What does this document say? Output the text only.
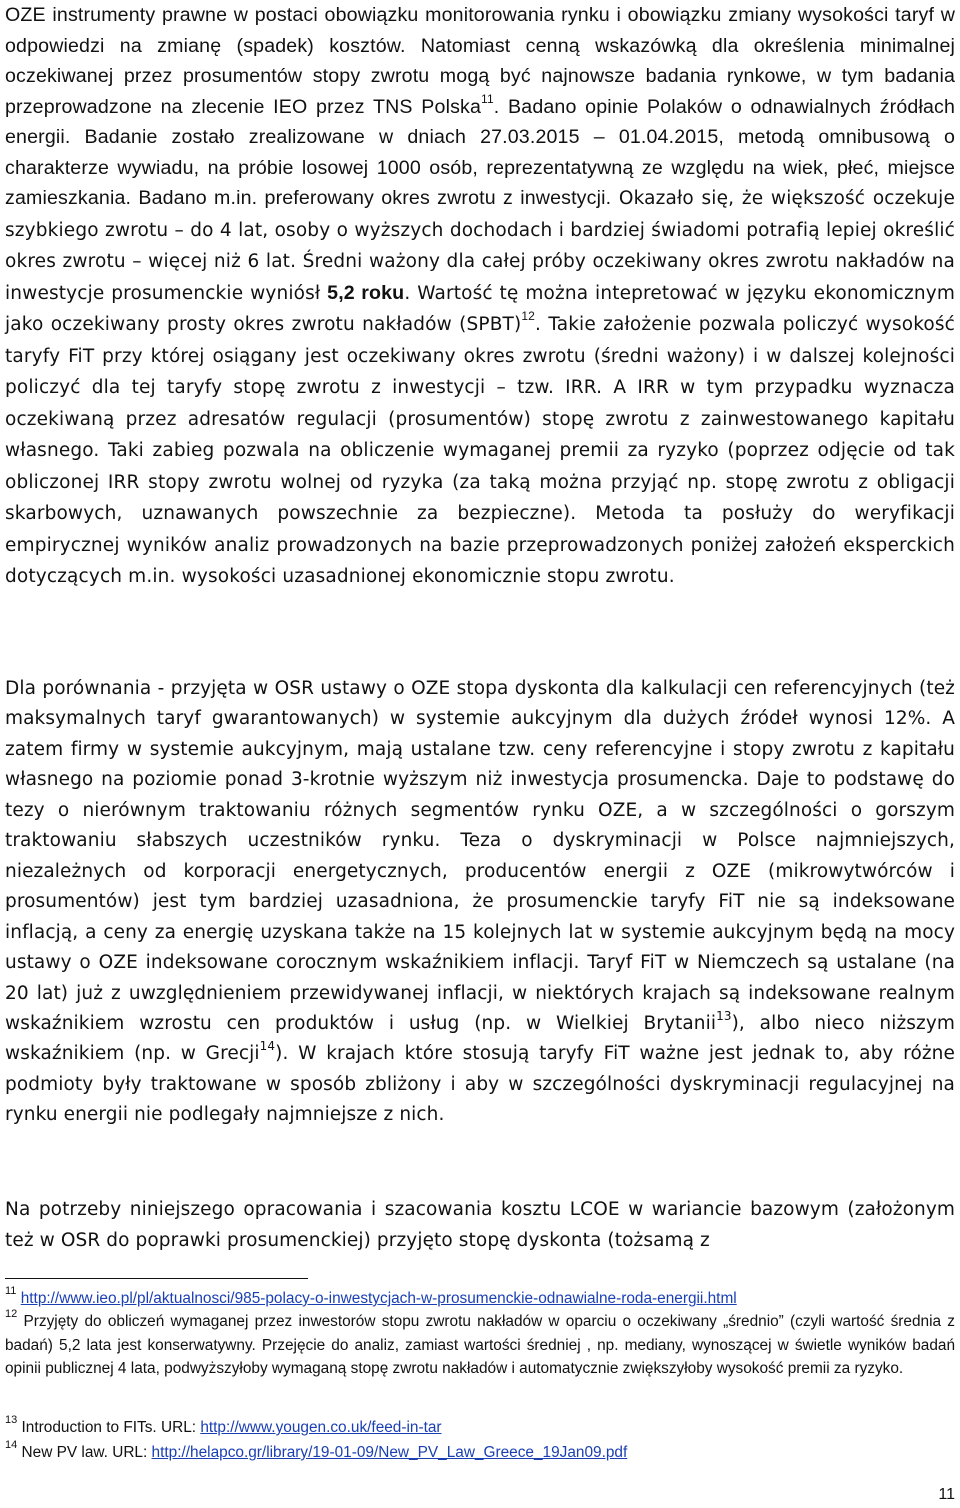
OZE instrumenty prawne w postaci obowiązku monitorowania rynku i obowiązku zmiany wysokości taryf w odpowiedzi na zmianę (spadek) kosztów. Natomiast cenną wskazówką dla określenia minimalnej oczekiwanej przez prosumentów stopy zwrotu mogą być najnowsze badania rynkowe, w tym badania przeprowadzone na zlecenie IEO przez TNS Polska$^{11}$. Badano opinie Polaków o odnawialnych źródłach energii. Badanie zostało zrealizowane w dniach 27.03.2015 – 01.04.2015, metodą omnibusową o charakterze wywiadu, na próbie losowej 1000 osób, reprezentatywną ze względu na wiek, płeć, miejsce zamieszkania. Badano m.in. preferowany okres zwrotu z inwestycji. Okazało się, że większość oczekuje szybkiego zwrotu – do 4 lat, osoby o wyższych dochodach i bardziej świadomi potrafią lepiej określić okres zwrotu – więcej niż 6 lat. Średni ważony dla całej próby oczekiwany okres zwrotu nakładów na inwestycje prosumenckie wyniósł 5,2 roku. Wartość tę można intepretować w języku ekonomicznym jako oczekiwany prosty okres zwrotu nakładów (SPBT)$^{12}$. Takie założenie pozwala policzyć wysokość taryfy FiT przy której osiągany jest oczekiwany okres zwrotu (średni ważony) i w dalszej kolejności policzyć dla tej taryfy stopę zwrotu z inwestycji – tzw. IRR. A IRR w tym przypadku wyznacza oczekiwaną przez adresatów regulacji (prosumentów) stopę zwrotu z zainwestowanego kapitału własnego. Taki zabieg pozwala na obliczenie wymaganej premii za ryzyko (poprzez odjęcie od tak obliczonej IRR stopy zwrotu wolnej od ryzyka (za taką można przyjąć np. stopę zwrotu z obligacji skarbowych, uznawanych powszechnie za bezpieczne). Metoda ta posłuży do weryfikacji empirycznej wyników analiz prowadzonych na bazie przeprowadzonych poniżej założeń eksperckich dotyczących m.in. wysokości uzasadnionej ekonomicznie stopu zwrotu.

Dla porównania - przyjęta w OSR ustawy o OZE stopa dyskonta dla kalkulacji cen referencyjnych (też maksymalnych taryf gwarantowanych) w systemie aukcyjnym dla dużych źródeł wynosi 12%. A zatem firmy w systemie aukcyjnym, mają ustalane tzw. ceny referencyjne i stopy zwrotu z kapitału własnego na poziomie ponad 3-krotnie wyższym niż inwestycja prosumencka. Daje to podstawę do tezy o nierównym traktowaniu różnych segmentów rynku OZE, a w szczególności o gorszym traktowaniu słabszych uczestników rynku. Teza o dyskryminacji w Polsce najmniejszych, niezależnych od korporacji energetycznych, producentów energii z OZE (mikrowytwórców i prosumentów) jest tym bardziej uzasadniona, że prosumenckie taryfy FiT nie są indeksowane inflacją, a ceny za energię uzyskana także na 15 kolejnych lat w systemie aukcyjnym będą na mocy ustawy o OZE indeksowane corocznym wskaźnikiem inflacji. Taryf FiT w Niemczech są ustalane (na 20 lat) już z uwzględnieniem przewidywanej inflacji, w niektórych krajach są indeksowane realnym wskaźnikiem wzrostu cen produktów i usług (np. w Wielkiej Brytanii$^{13}$), albo nieco niższym wskaźnikiem (np. w Grecji$^{14}$). W krajach które stosują taryfy FiT ważne jest jednak to, aby różne podmioty były traktowane w sposób zbliżony i aby w szczególności dyskryminacji regulacyjnej na rynku energii nie podlegały najmniejsze z nich.

Na potrzeby niniejszego opracowania i szacowania kosztu LCOE w wariancie bazowym (założonym też w OSR do poprawki prosumenckiej) przyjęto stopę dyskonta (tożsamą z

$^{11}$ http://www.ieo.pl/pl/aktualnosci/985-polacy-o-inwestycjach-w-prosumenckie-odnawialne-roda-energii.html

$^{12}$ Przyjęty do obliczeń wymaganej przez inwestorów stopu zwrotu nakładów w oparciu o oczekiwany „średnio” (czyli wartość średnia z badań) 5,2 lata jest konserwatywny. Przejęcie do analiz, zamiast wartości średniej , np. mediany, wynoszącej w świetle wyników badań opinii publicznej 4 lata, podwyższyłoby wymaganą stopę zwrotu nakładów i automatycznie zwiększyłoby wysokość premii za ryzyko.

$^{13}$ Introduction to FITs. URL: http://www.yougen.co.uk/feed-in-tar

$^{14}$ New PV law. URL: http://helapco.gr/library/19-01-09/New_PV_Law_Greece_19Jan09.pdf

11
